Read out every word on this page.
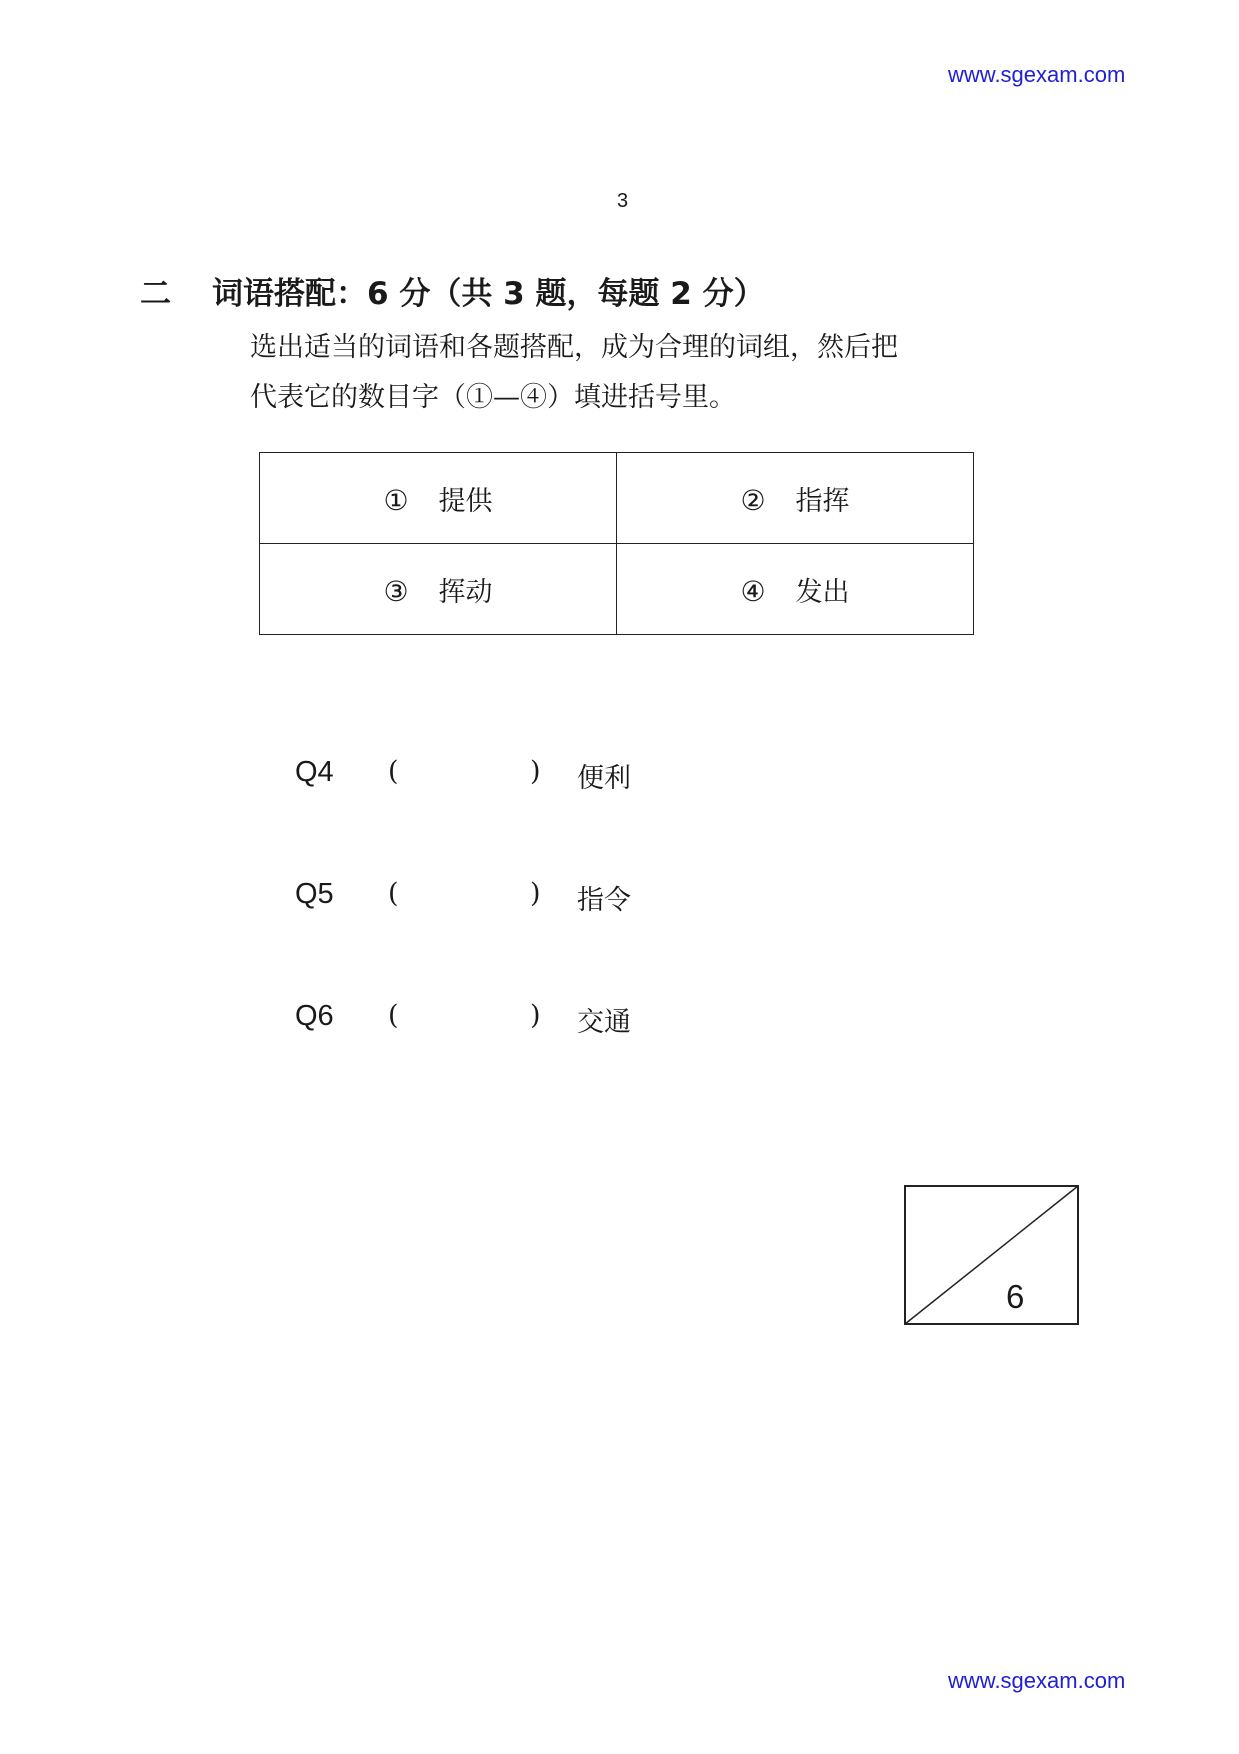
www.sgexam.com
3
二 词语搭配：6 分（共 3 题，每题 2 分）
选出适当的词语和各题搭配，成为合理的词组，然后把
代表它的数目字（①—④）填进括号里。
① 提供	② 指挥
③ 挥动	④ 发出
Q4 (	) 便利
Q5 (	) 指令
Q6 (	) 交通
6
www.sgexam.com
